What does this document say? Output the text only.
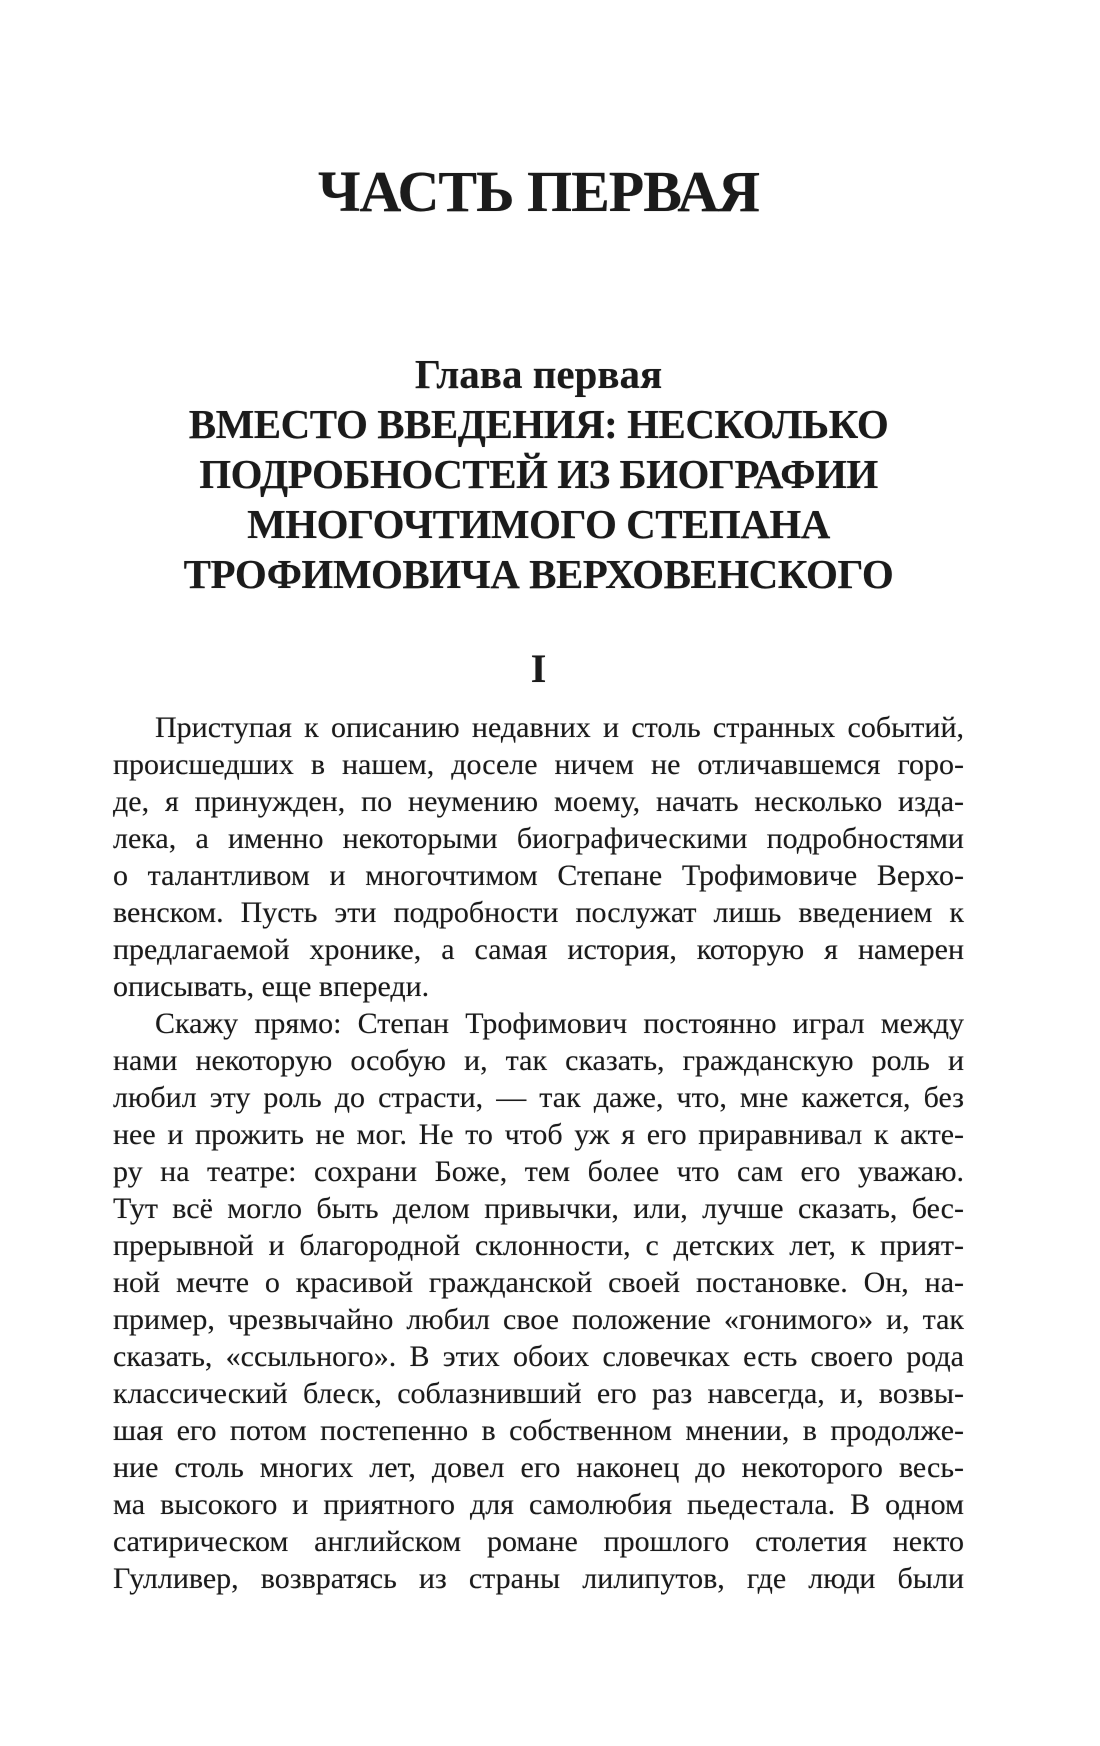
ЧАСТЬ ПЕРВАЯ
Глава первая
ВМЕСТО ВВЕДЕНИЯ: НЕСКОЛЬКО
ПОДРОБНОСТЕЙ ИЗ БИОГРАФИИ
МНОГОЧТИМОГО СТЕПАНА
ТРОФИМОВИЧА ВЕРХОВЕНСКОГО
I
Приступая к описанию недавних и столь странных событий,
происшедших в нашем, доселе ничем не отличавшемся горо-
де, я принужден, по неумению моему, начать несколько изда-
лека, а именно некоторыми биографическими подробностями
о талантливом и многочтимом Степане Трофимовиче Верхо-
венском. Пусть эти подробности послужат лишь введением к
предлагаемой хронике, а самая история, которую я намерен
описывать, еще впереди.
Скажу прямо: Степан Трофимович постоянно играл между
нами некоторую особую и, так сказать, гражданскую роль и
любил эту роль до страсти, — так даже, что, мне кажется, без
нее и прожить не мог. Не то чтоб уж я его приравнивал к акте-
ру на театре: сохрани Боже, тем более что сам его уважаю.
Тут всё могло быть делом привычки, или, лучше сказать, бес-
прерывной и благородной склонности, с детских лет, к прият-
ной мечте о красивой гражданской своей постановке. Он, на-
пример, чрезвычайно любил свое положение «гонимого» и, так
сказать, «ссыльного». В этих обоих словечках есть своего рода
классический блеск, соблазнивший его раз навсегда, и, возвы-
шая его потом постепенно в собственном мнении, в продолже-
ние столь многих лет, довел его наконец до некоторого весь-
ма высокого и приятного для самолюбия пьедестала. В одном
сатирическом английском романе прошлого столетия некто
Гулливер, возвратясь из страны лилипутов, где люди были
